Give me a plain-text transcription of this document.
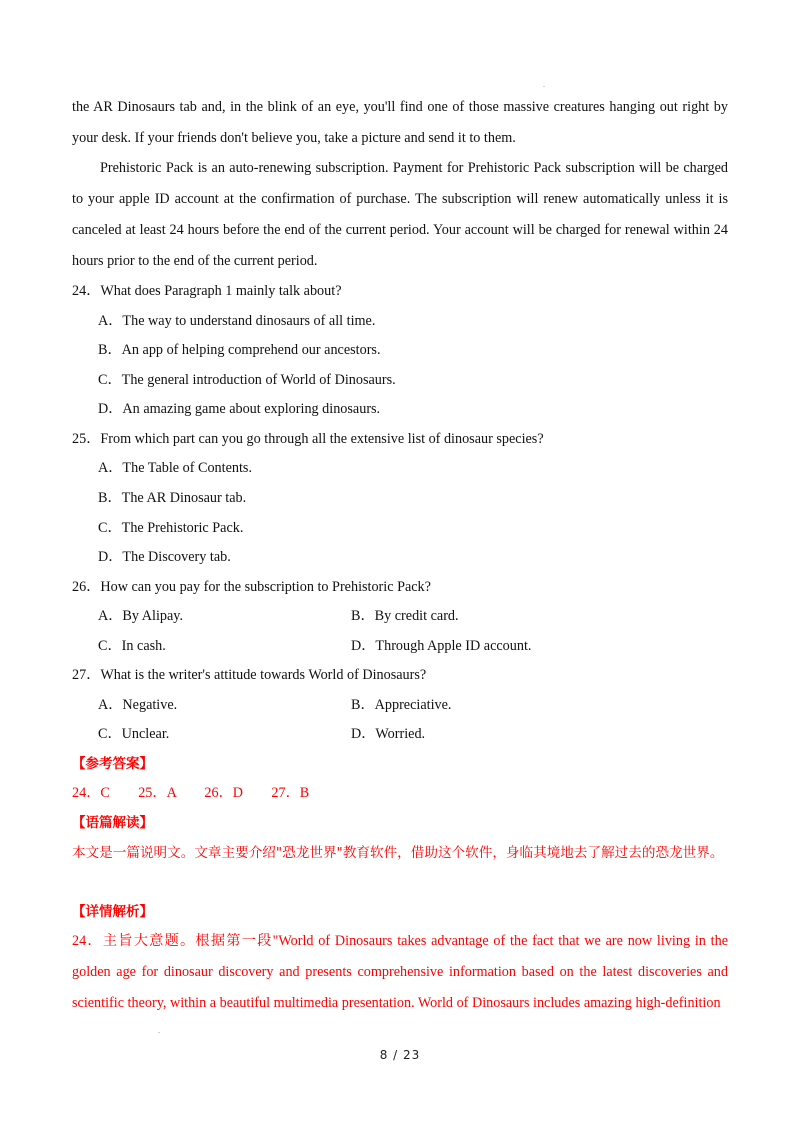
.

the AR Dinosaurs tab and, in the blink of an eye, you'll find one of those massive creatures hanging out right by your desk. If your friends don't believe you, take a picture and send it to them.

Prehistoric Pack is an auto-renewing subscription. Payment for Prehistoric Pack subscription will be charged to your apple ID account at the confirmation of purchase. The subscription will renew automatically unless it is canceled at least 24 hours before the end of the current period. Your account will be charged for renewal within 24 hours prior to the end of the current period.

24．What does Paragraph 1 mainly talk about?
A．The way to understand dinosaurs of all time.
B．An app of helping comprehend our ancestors.
C．The general introduction of World of Dinosaurs.
D．An amazing game about exploring dinosaurs.
25．From which part can you go through all the extensive list of dinosaur species?
A．The Table of Contents.
B．The AR Dinosaur tab.
C．The Prehistoric Pack.
D．The Discovery tab.
26．How can you pay for the subscription to Prehistoric Pack?
A．By Alipay.	B．By credit card.
C．In cash.	D．Through Apple ID account.
27．What is the writer's attitude towards World of Dinosaurs?
A．Negative.	B．Appreciative.
C．Unclear.	D．Worried.
【参考答案】
24．C　　25．A　　26．D　　27．B
【语篇解读】

本文是一篇说明文。文章主要介绍"恐龙世界"教育软件，借助这个软件，身临其境地去了解过去的恐龙世界。

【详情解析】

24．主旨大意题。根据第一段"World of Dinosaurs takes advantage of the fact that we are now living in the golden age for dinosaur discovery and presents comprehensive information based on the latest discoveries and scientific theory, within a beautiful multimedia presentation. World of Dinosaurs includes amazing high-definition

.
8 / 23
